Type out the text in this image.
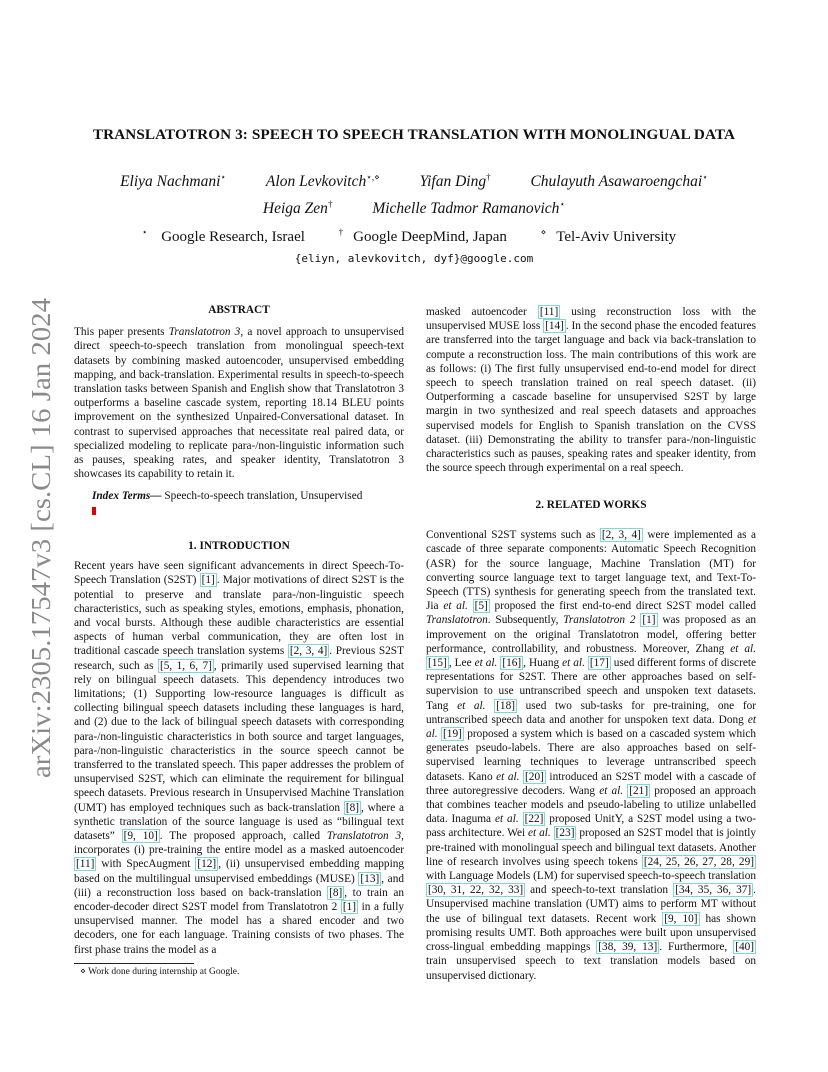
arXiv:2305.17547v3 [cs.CL] 16 Jan 2024
TRANSLATOTRON 3: SPEECH TO SPEECH TRANSLATION WITH MONOLINGUAL DATA
Eliya Nachmani⋆	Alon Levkovitch⋆,⋄	Yifan Ding†	Chulayuth Asawaroengchai⋆
Heiga Zen†	Michelle Tadmor Ramanovich⋆
⋆ Google Research, Israel	† Google DeepMind, Japan	⋄ Tel-Aviv University
{eliyn, alevkovitch, dyf}@google.com

ABSTRACT

This paper presents Translatotron 3, a novel approach to unsupervised direct speech-to-speech translation from monolingual speech-text datasets by combining masked autoencoder, unsupervised embedding mapping, and back-translation. Experimental results in speech-to-speech translation tasks between Spanish and English show that Translatotron 3 outperforms a baseline cascade system, reporting 18.14 BLEU points improvement on the synthesized Unpaired-Conversational dataset. In contrast to supervised approaches that necessitate real paired data, or specialized modeling to replicate para-/non-linguistic information such as pauses, speaking rates, and speaker identity, Translatotron 3 showcases its capability to retain it.

Index Terms— Speech-to-speech translation, Unsupervised

1. INTRODUCTION

Recent years have seen significant advancements in direct Speech-To-Speech Translation (S2ST) [1] . Major motivations of direct S2ST is the potential to preserve and translate para-/non-linguistic speech characteristics, such as speaking styles, emotions, emphasis, phonation, and vocal bursts. Although these audible characteristics are essential aspects of human verbal communication, they are often lost in traditional cascade speech translation systems [2, 3, 4] . Previous S2ST research, such as [5, 1, 6, 7] , primarily used supervised learning that rely on bilingual speech datasets. This dependency introduces two limitations; (1) Supporting low-resource languages is difficult as collecting bilingual speech datasets including these languages is hard, and (2) due to the lack of bilingual speech datasets with corresponding para-/non-linguistic characteristics in both source and target languages, para-/non-linguistic characteristics in the source speech cannot be transferred to the translated speech. This paper addresses the problem of unsupervised S2ST, which can eliminate the requirement for bilingual speech datasets. Previous research in Unsupervised Machine Translation (UMT) has employed techniques such as back-translation [8] , where a synthetic translation of the source language is used as “bilingual text datasets” [9, 10] . The proposed approach, called Translatotron 3, incorporates (i) pre-training the entire model as a masked autoencoder [11] with SpecAugment [12] , (ii) unsupervised embedding mapping based on the multilingual unsupervised embeddings (MUSE) [13] , and (iii) a reconstruction loss based on back-translation [8] , to train an encoder-decoder direct S2ST model from Translatotron 2 [1] in a fully unsupervised manner. The model has a shared encoder and two decoders, one for each language. Training consists of two phases. The first phase trains the model as a

⋄ Work done during internship at Google.

masked autoencoder [11] using reconstruction loss with the unsupervised MUSE loss [14] . In the second phase the encoded features are transferred into the target language and back via back-translation to compute a reconstruction loss. The main contributions of this work are as follows: (i) The first fully unsupervised end-to-end model for direct speech to speech translation trained on real speech dataset. (ii) Outperforming a cascade baseline for unsupervised S2ST by large margin in two synthesized and real speech datasets and approaches supervised models for English to Spanish translation on the CVSS dataset. (iii) Demonstrating the ability to transfer para-/non-linguistic characteristics such as pauses, speaking rates and speaker identity, from the source speech through experimental on a real speech.

2. RELATED WORKS

Conventional S2ST systems such as [2, 3, 4] were implemented as a cascade of three separate components: Automatic Speech Recognition (ASR) for the source language, Machine Translation (MT) for converting source language text to target language text, and Text-To-Speech (TTS) synthesis for generating speech from the translated text. Jia et al. [5] proposed the first end-to-end direct S2ST model called Translatotron. Subsequently, Translatotron 2 [1] was proposed as an improvement on the original Translatotron model, offering better performance, controllability, and robustness. Moreover, Zhang et al. [15] , Lee et al. [16] , Huang et al. [17] used different forms of discrete representations for S2ST. There are other approaches based on self-supervision to use untranscribed speech and unspoken text datasets. Tang et al. [18] used two sub-tasks for pre-training, one for untranscribed speech data and another for unspoken text data. Dong et al. [19] proposed a system which is based on a cascaded system which generates pseudo-labels. There are also approaches based on self-supervised learning techniques to leverage untranscribed speech datasets. Kano et al. [20] introduced an S2ST model with a cascade of three autoregressive decoders. Wang et al. [21] proposed an approach that combines teacher models and pseudo-labeling to utilize unlabelled data. Inaguma et al. [22] proposed UnitY, a S2ST model using a two-pass architecture. Wei et al. [23] proposed an S2ST model that is jointly pre-trained with monolingual speech and bilingual text datasets. Another line of research involves using speech tokens [24, 25, 26, 27, 28, 29] with Language Models (LM) for supervised speech-to-speech translation [30, 31, 22, 32, 33] and speech-to-text translation [34, 35, 36, 37] . Unsupervised machine translation (UMT) aims to perform MT without the use of bilingual text datasets. Recent work [9, 10] has shown promising results UMT. Both approaches were built upon unsupervised cross-lingual embedding mappings [38, 39, 13] . Furthermore, [40] train unsupervised speech to text translation models based on unsupervised dictionary.
